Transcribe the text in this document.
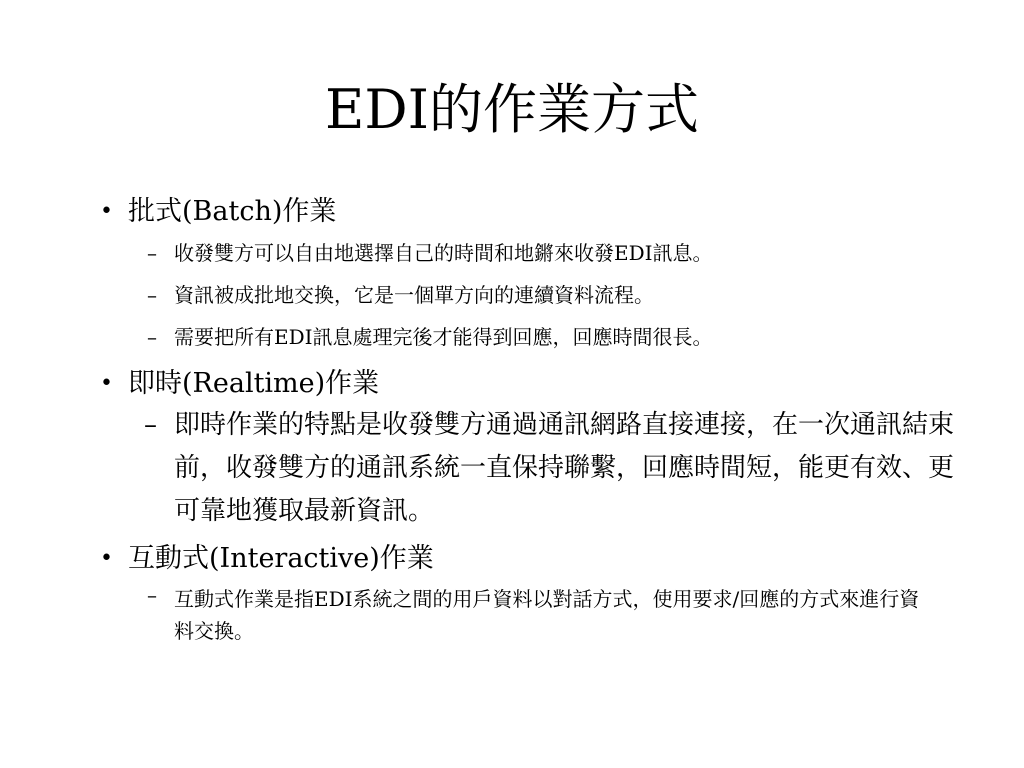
EDI的作業方式
• 批式(Batch)作業
– 收發雙方可以自由地選擇自己的時間和地鏘來收發EDI訊息。
– 資訊被成批地交換，它是一個單方向的連續資料流程。
– 需要把所有EDI訊息處理完後才能得到回應，回應時間很長。
• 即時(Realtime)作業
– 即時作業的特點是收發雙方通過通訊網路直接連接，在一次通訊結束前，收發雙方的通訊系統一直保持聯繫，回應時間短，能更有效、更可靠地獲取最新資訊。
• 互動式(Interactive)作業
– 互動式作業是指EDI系統之間的用戶資料以對話方式，使用要求/回應的方式來進行資料交換。
